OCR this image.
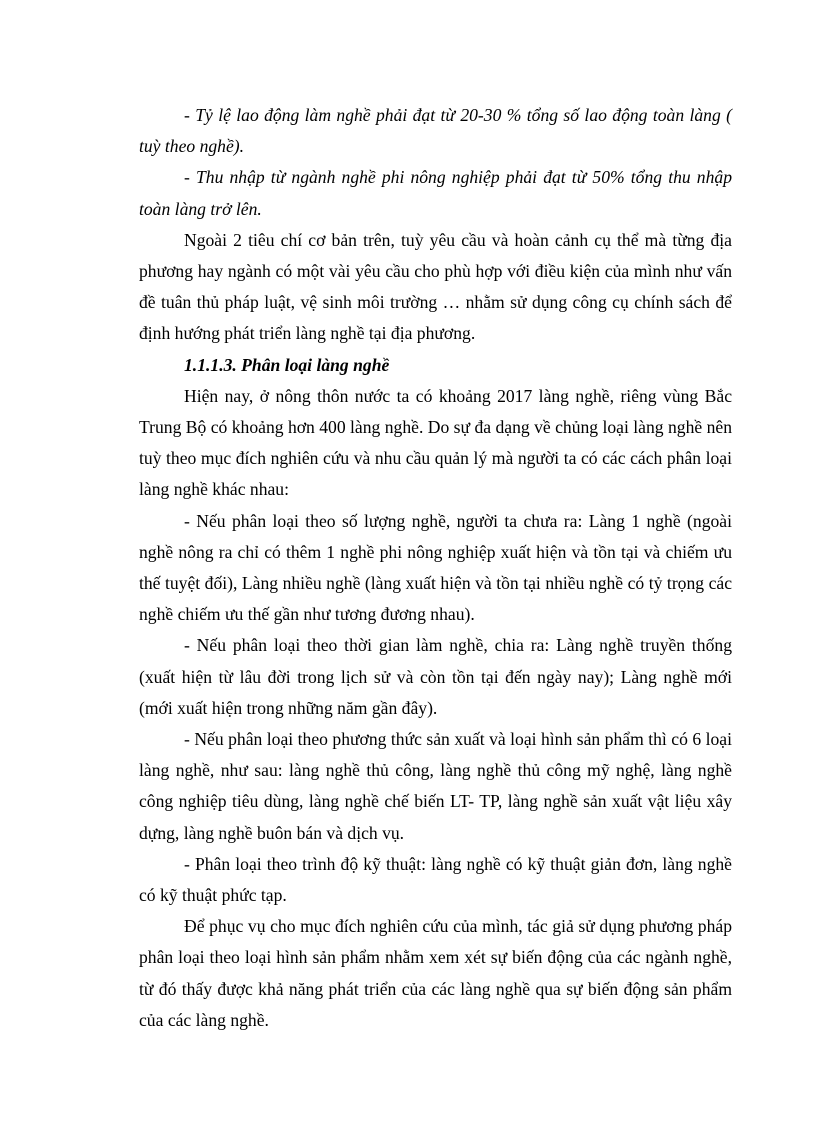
- Tỷ lệ lao động làm nghề phải đạt từ 20-30 % tổng số lao động toàn làng ( tuỳ theo nghề).

- Thu nhập từ ngành nghề phi nông nghiệp phải đạt từ 50% tổng thu nhập toàn làng trở lên.

Ngoài 2 tiêu chí cơ bản trên, tuỳ yêu cầu và hoàn cảnh cụ thể mà từng địa phương hay ngành có một vài yêu cầu cho phù hợp với điều kiện của mình như vấn đề tuân thủ pháp luật, vệ sinh môi trường … nhằm sử dụng công cụ chính sách để định hướng phát triển làng nghề tại địa phương.

1.1.1.3. Phân loại làng nghề

Hiện nay, ở nông thôn nước ta có khoảng 2017 làng nghề, riêng vùng Bắc Trung Bộ có khoảng hơn 400 làng nghề. Do sự đa dạng về chủng loại làng nghề nên tuỳ theo mục đích nghiên cứu và nhu cầu quản lý mà người ta có các cách phân loại làng nghề khác nhau:

- Nếu phân loại theo số lượng nghề, người ta chưa ra: Làng 1 nghề (ngoài nghề nông ra chỉ có thêm 1 nghề phi nông nghiệp xuất hiện và tồn tại và chiếm ưu thế tuyệt đối), Làng nhiều nghề (làng xuất hiện và tồn tại nhiều nghề có tỷ trọng các nghề chiếm ưu thế gần như tương đương nhau).

- Nếu phân loại theo thời gian làm nghề, chia ra: Làng nghề truyền thống (xuất hiện từ lâu đời trong lịch sử và còn tồn tại đến ngày nay); Làng nghề mới (mới xuất hiện trong những năm gần đây).

- Nếu phân loại theo phương thức sản xuất và loại hình sản phẩm thì có 6 loại làng nghề, như sau: làng nghề thủ công, làng nghề thủ công mỹ nghệ, làng nghề công nghiệp tiêu dùng, làng nghề chế biến LT- TP, làng nghề sản xuất vật liệu xây dựng, làng nghề buôn bán và dịch vụ.

- Phân loại theo trình độ kỹ thuật: làng nghề có kỹ thuật giản đơn, làng nghề có kỹ thuật phức tạp.

Để phục vụ cho mục đích nghiên cứu của mình, tác giả sử dụng phương pháp phân loại theo loại hình sản phẩm nhằm xem xét sự biến động của các ngành nghề, từ đó thấy được khả năng phát triển của các làng nghề qua sự biến động sản phẩm của các làng nghề.
